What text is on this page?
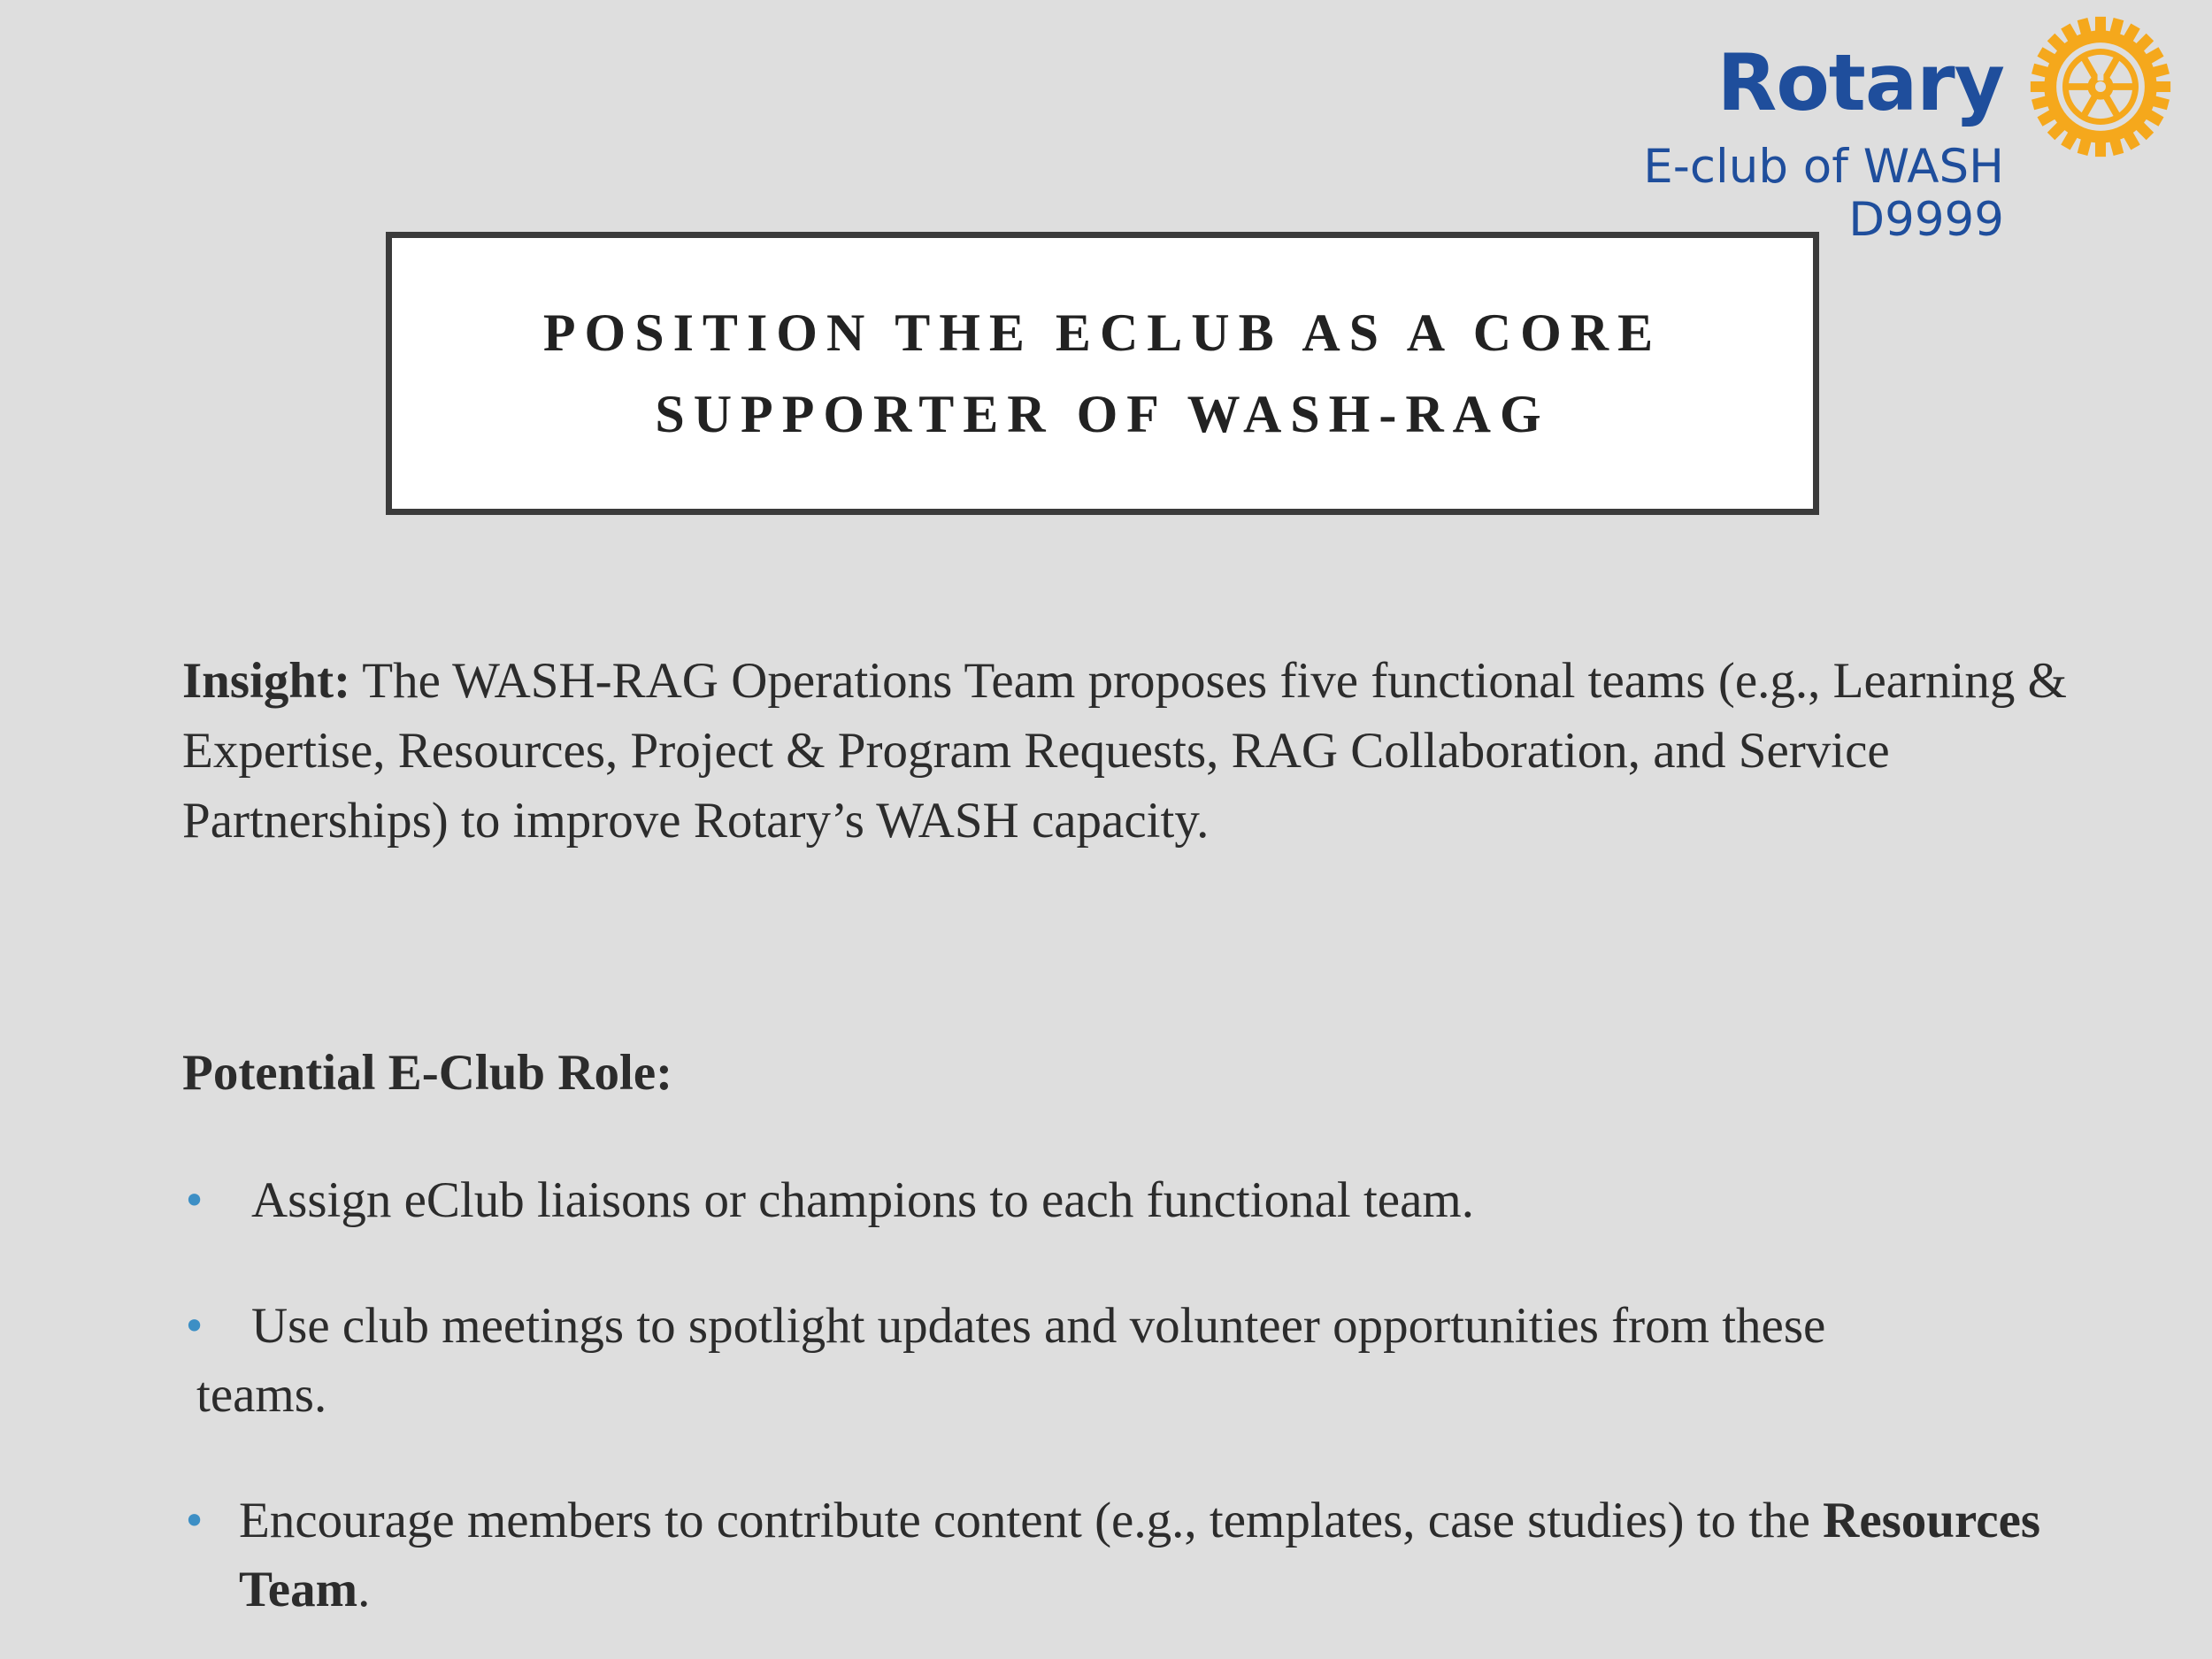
Rotary
E-club of WASH
D9999
POSITION THE ECLUB AS A CORE SUPPORTER OF WASH-RAG

Insight: The WASH-RAG Operations Team proposes five functional teams (e.g., Learning & Expertise, Resources, Project & Program Requests, RAG Collaboration, and Service Partnerships) to improve Rotary’s WASH capacity.

Potential E-Club Role:

• Assign eClub liaisons or champions to each functional team.
• Use club meetings to spotlight updates and volunteer opportunities from these
teams.
• Encourage members to contribute content (e.g., templates, case studies) to the Resources Team.
